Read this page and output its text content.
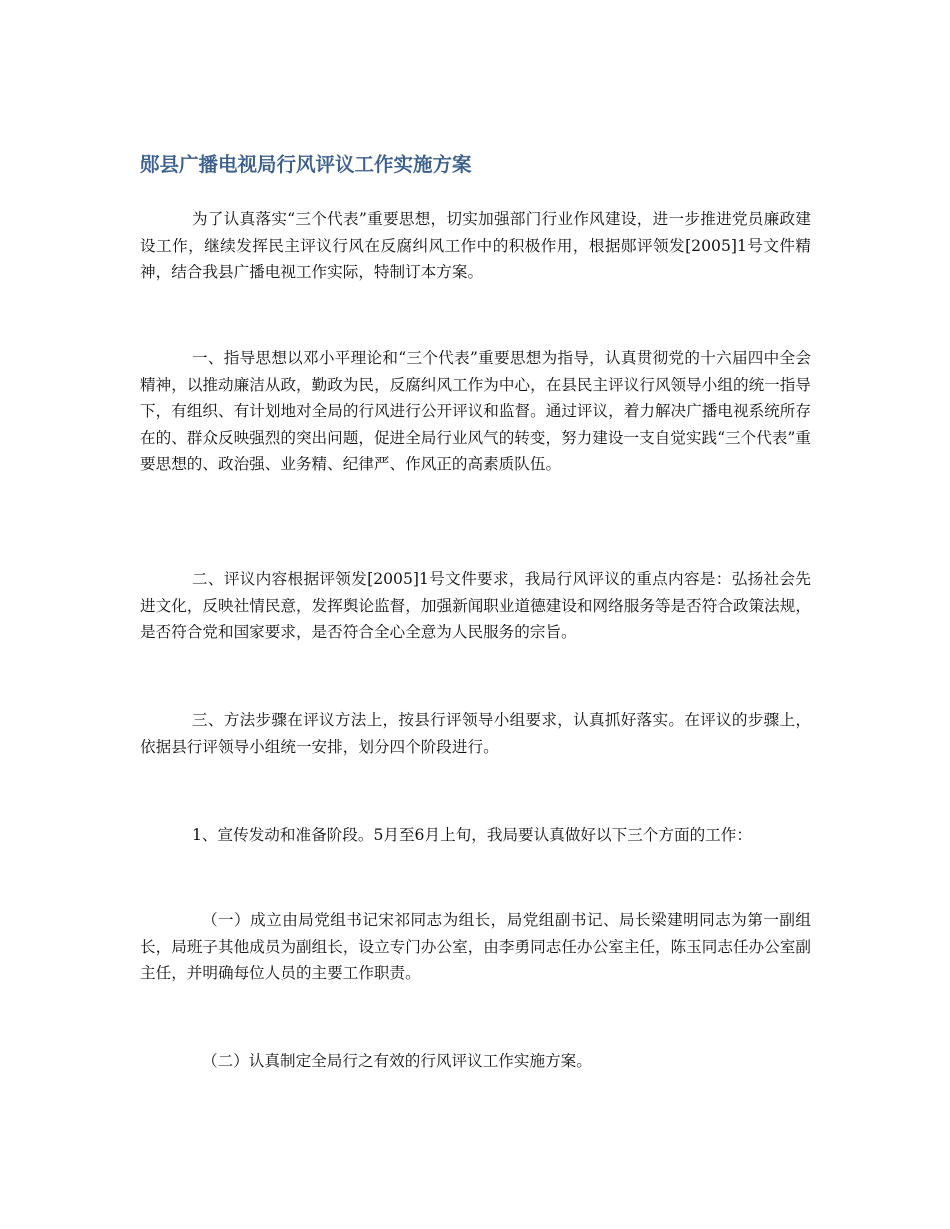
郧县广播电视局行风评议工作实施方案

为了认真落实“三个代表”重要思想，切实加强部门行业作风建设，进一步推进党员廉政建设工作，继续发挥民主评议行风在反腐纠风工作中的积极作用，根据郧评领发[2005]1号文件精神，结合我县广播电视工作实际，特制订本方案。

一、指导思想以邓小平理论和“三个代表”重要思想为指导，认真贯彻党的十六届四中全会精神，以推动廉洁从政，勤政为民，反腐纠风工作为中心，在县民主评议行风领导小组的统一指导下，有组织、有计划地对全局的行风进行公开评议和监督。通过评议，着力解决广播电视系统所存在的、群众反映强烈的突出问题，促进全局行业风气的转变，努力建设一支自觉实践“三个代表”重要思想的、政治强、业务精、纪律严、作风正的高素质队伍。

二、评议内容根据评领发[2005]1号文件要求，我局行风评议的重点内容是：弘扬社会先进文化，反映社情民意，发挥舆论监督，加强新闻职业道德建设和网络服务等是否符合政策法规，是否符合党和国家要求，是否符合全心全意为人民服务的宗旨。

三、方法步骤在评议方法上，按县行评领导小组要求，认真抓好落实。在评议的步骤上，依据县行评领导小组统一安排，划分四个阶段进行。

1、宣传发动和准备阶段。5月至6月上旬，我局要认真做好以下三个方面的工作：

（一）成立由局党组书记宋祁同志为组长，局党组副书记、局长梁建明同志为第一副组长，局班子其他成员为副组长，设立专门办公室，由李勇同志任办公室主任，陈玉同志任办公室副主任，并明确每位人员的主要工作职责。

（二）认真制定全局行之有效的行风评议工作实施方案。
